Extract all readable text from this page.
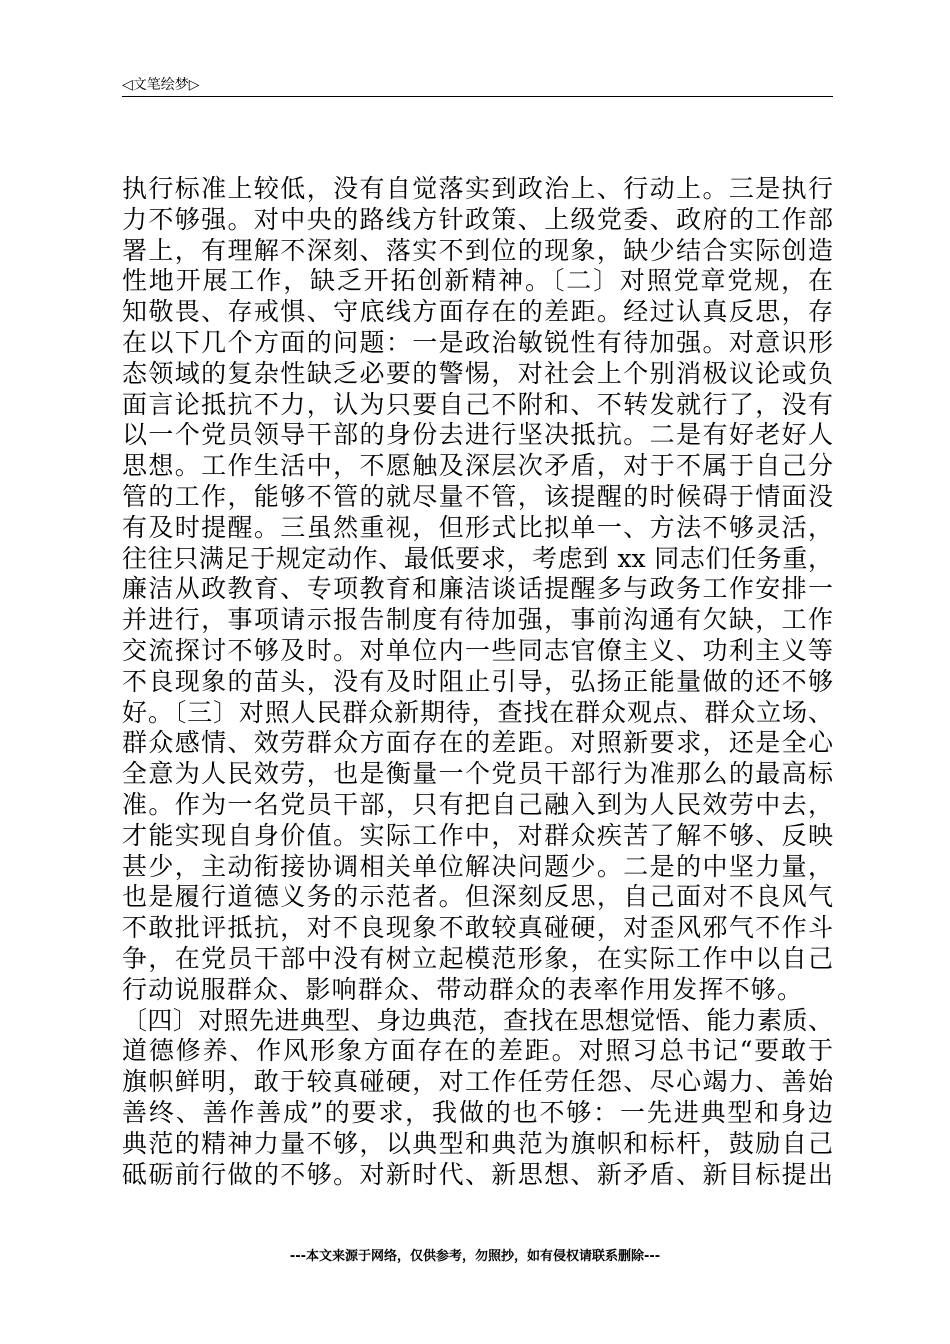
◁文笔绘梦▷
执行标准上较低，没有自觉落实到政治上、行动上。三是执行
力不够强。对中央的路线方针政策、上级党委、政府的工作部
署上，有理解不深刻、落实不到位的现象，缺少结合实际创造
性地开展工作，缺乏开拓创新精神。〔二〕对照党章党规，在
知敬畏、存戒惧、守底线方面存在的差距。经过认真反思，存
在以下几个方面的问题：一是政治敏锐性有待加强。对意识形
态领域的复杂性缺乏必要的警惕，对社会上个别消极议论或负
面言论抵抗不力，认为只要自己不附和、不转发就行了，没有
以一个党员领导干部的身份去进行坚决抵抗。二是有好老好人
思想。工作生活中，不愿触及深层次矛盾，对于不属于自己分
管的工作，能够不管的就尽量不管，该提醒的时候碍于情面没
有及时提醒。三虽然重视，但形式比拟单一、方法不够灵活，
往往只满足于规定动作、最低要求，考虑到 xx 同志们任务重，
廉洁从政教育、专项教育和廉洁谈话提醒多与政务工作安排一
并进行，事项请示报告制度有待加强，事前沟通有欠缺，工作
交流探讨不够及时。对单位内一些同志官僚主义、功利主义等
不良现象的苗头，没有及时阻止引导，弘扬正能量做的还不够
好。〔三〕对照人民群众新期待，查找在群众观点、群众立场、
群众感情、效劳群众方面存在的差距。对照新要求，还是全心
全意为人民效劳，也是衡量一个党员干部行为准那么的最高标
准。作为一名党员干部，只有把自己融入到为人民效劳中去，
才能实现自身价值。实际工作中，对群众疾苦了解不够、反映
甚少，主动衔接协调相关单位解决问题少。二是的中坚力量，
也是履行道德义务的示范者。但深刻反思，自己面对不良风气
不敢批评抵抗，对不良现象不敢较真碰硬，对歪风邪气不作斗
争，在党员干部中没有树立起模范形象，在实际工作中以自己
行动说服群众、影响群众、带动群众的表率作用发挥不够。
〔四〕对照先进典型、身边典范，查找在思想觉悟、能力素质、
道德修养、作风形象方面存在的差距。对照习总书记“要敢于
旗帜鲜明，敢于较真碰硬，对工作任劳任怨、尽心竭力、善始
善终、善作善成”的要求，我做的也不够：一先进典型和身边
典范的精神力量不够，以典型和典范为旗帜和标杆，鼓励自己
砥砺前行做的不够。对新时代、新思想、新矛盾、新目标提出
---本文来源于网络，仅供参考，勿照抄，如有侵权请联系删除---
